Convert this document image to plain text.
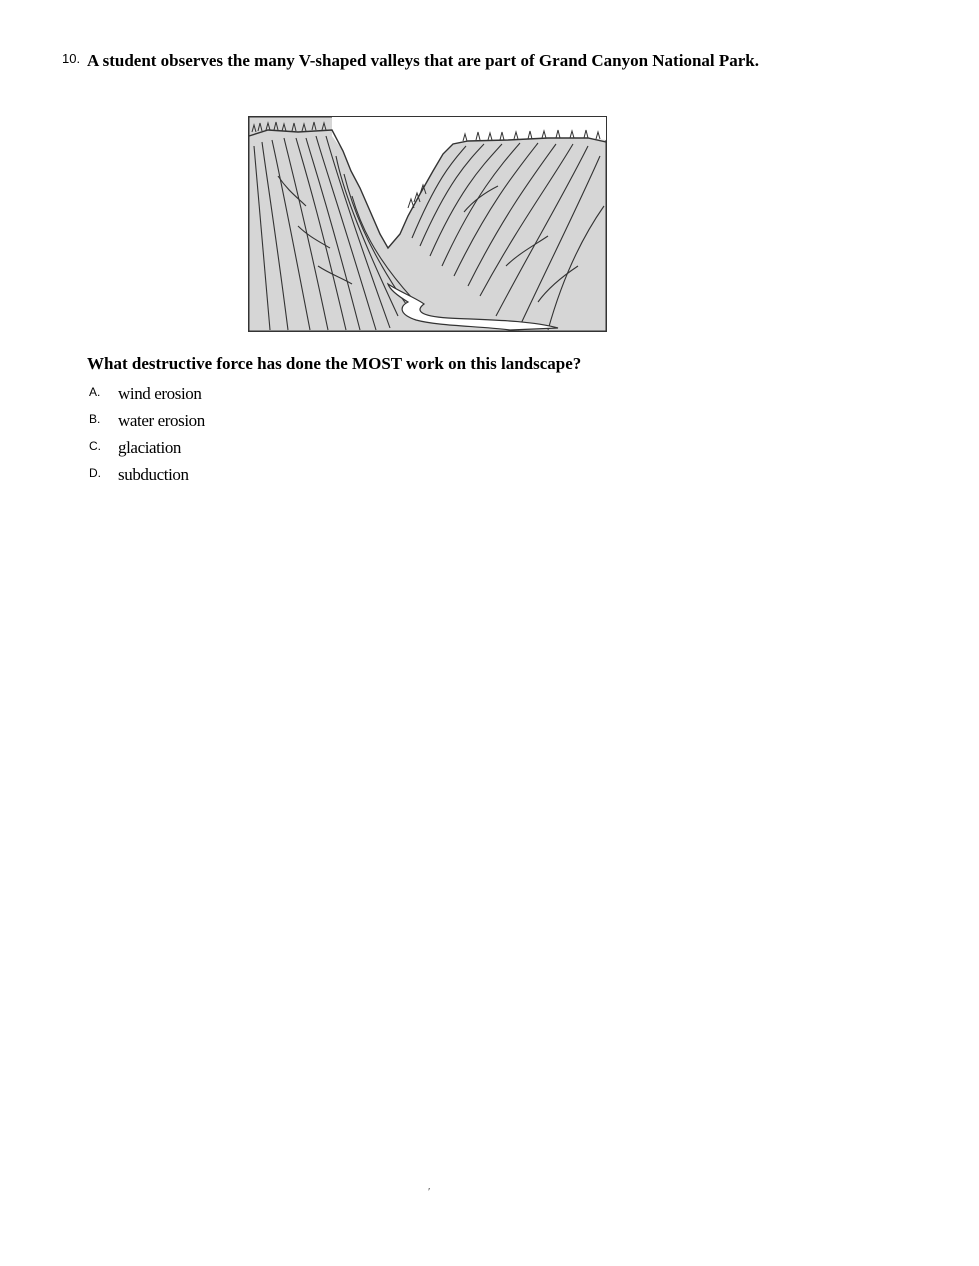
10. A student observes the many V-shaped valleys that are part of Grand Canyon National Park.
What destructive force has done the MOST work on this landscape?
A. wind erosion
B. water erosion
C. glaciation
D. subduction
′
